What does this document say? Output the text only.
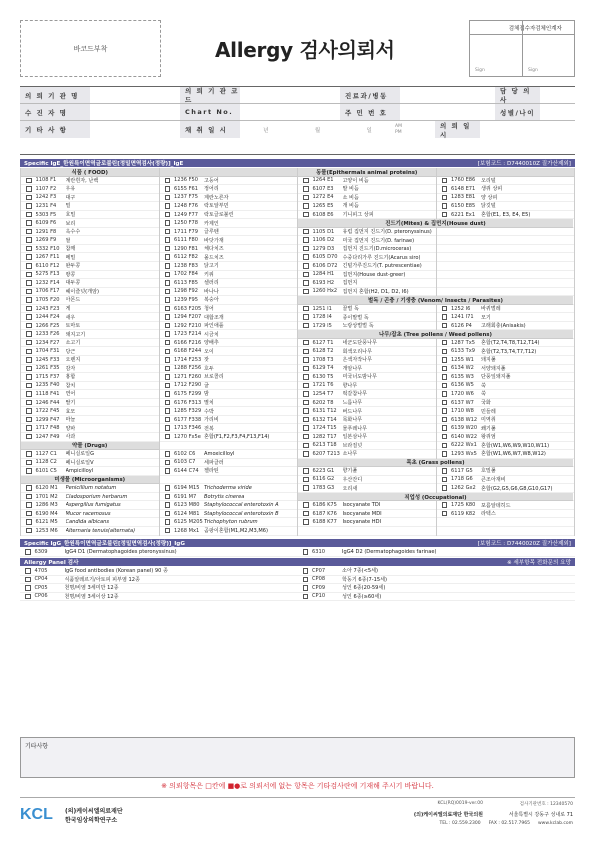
바코드부착	Allergy 검사의뢰서
검체접수자
Sign
검체인계자
Sign
의 뢰 기 관 명
의 뢰 기 관 코 드
진료과/병동
담 당 의 사
수 진 자 명	Chart No.	주 민 번 호	성별/나이
기 타 사 항	채 취 일 시	년	월	일
AM
PM
의 뢰 일 시
Specific IgE_한원특이면역글로불린[정밀면역검사(정량)]_IgE	[보험코드 : D7440010Z 질가산제외]
식품 ( FOOD)
1108 F1	계란흰자, 난백
1107 F2	우유
1242 F3	대구
1231 F4	밀
5303 F5	호밀
6109 F6	보리
1291 F8	옥수수
1269 F9	쌀
5332 F10	참깨
1267 F11	메밀
6110 F12	완두콩
5275 F13	땅콩
1232 F14	대두콩
1706 F17	헤이즐넛(개암)
1705 F20	아몬드
1243 F23	게
1244 F24	새우
1266 F25	토마토
1233 F26	돼지고기
1234 F27	소고기
1704 F31	당근
1245 F33	오렌지
1261 F35	감자
1715 F37	홍합
1235 F40	참치
1118 F41	연어
1246 F44	딸기
1722 F45	효모
1299 F47	마늘
1717 F48	양파
1247 F49	사과
약물 (Drugs)
1127 C1	페니실로일G
1128 C2	페니실로일V
6101 C5	Ampicilloyl
미생물 (Microorganisms)
6120 M1	Penicillium notatum
1701 M2	Cladosporium herbarum
1286 M3	Aspergillus fumigatus
6190 M4	Mucor racemosus
6121 M5	Candida albicans
1253 M6	Alternaria tenuis(alternata)
1236 F50	고등어
6155 F61	정어리
1237 F75	계란노른자
1248 F76	락토알부민
1249 F77	락토글로불린
1250 F78	카제인
1711 F79	글루텐
6111 F80	바닷가재
1290 F81	체다치즈
6112 F82	몰드치즈
1238 F83	닭고기
1702 F84	키위
6113 F85	셀러리
1298 F92	바나나
1239 F95	복숭아
6163 F205 청어
1294 F207 대합조개
1292 F210 파인애플
1723 F214 시금치
6166 F216 양배추
6168 F244 오이
1714 F253 잣
1288 F256 호두
1271 F260 브로콜리
1712 F290 굴
6175 F299 밤
6176 F313 멸치
1285 F329 수박
6177 F338 가리비
1713 F346 전복
1270 Fx5e 혼합(F1,F2,F3,F4,F13,F14)
6102 C6	Amoxicilloyl
6103 C7	세파클러
6144 C74	젤라틴
6194 M15 Trichoderma viride
6191 M7	Botrytis cinerea
6123 M80 Staphylococcal enterotoxin A
6124 M81 Staphylococcal enterotoxin B
6125 M205 Trichophyton rubrum
1268 Mx1 곰팡이혼합(M1,M2,M3,M6)
동물(Epithermals animal proteins)
1264 E1	고양이 비듬
6107 E3	말 비듬
1272 E4	소 비듬
1265 E5	개 비듬
6108 E6	기니피그 상피
진드기(Mites) & 집먼지(House dust)
1105 D1	유럽 집먼지 진드기(D. pteronyssinus)
1106 D2	미국 집먼지 진드기(D. farinae)
1279 D3	집먼지 진드기(D.microceras)
6105 D70 수중다리가루 진드기(Acarus siro)
6106 D72 긴털가루진드기(T. putrescentiae)
1284 H1	집먼지(House dust-greer)
6193 H2	집먼지
1260 Hx2	집먼지 혼합(H2, D1, D2, I6)
벌독 / 곤충 / 기생충 (Venom/ Insects / Parasites)
1251 I1	꿀벌 독
1728 I4	종이말벌 독
1729 I5	노랑상벌벌 독
나무/잡초 (Tree pollens / Weed pollens)
6127 T1	네군도단풍나무
6128 T2	회색오리나무
1708 T3	은색자작나무
6129 T4	개암나무
6130 T5	미국너도밤나무
1721 T6	향나무
1254 T7	떡갈참나무
6202 T8	느릅나무
6131 T12	버드나무
6132 T14	목화나무
1724 T15	물푸레나무
1282 T17	일본삼나무
6213 T18	브라질넛
6207 T213 소나무
목초 (Grass pollens)
6223 G1	향기풀
6116 G2	우산잔디
1783 G3	오리새
직업성 (Occupational)
6186 K75	Isocyanate TDI
6187 K76	Isocyanate MDI
6188 K77	Isocyanate HDI
1760 E86	오리털
6148 E71	생쥐 상피
1283 E81	양 상피
6150 E85	닭깃털
6221 Ex1	혼합(E1, E3, E4, E5)
1252 I6	바퀴벌레
1241 I71	모기
6126 P4	고래회충(Anisakis)
1287 Tx5	혼합(T2,T4,T8,T12,T14)
6133 Tx9	혼합(T2,T3,T4,T7,T12)
1255 W1	돼지풀
6134 W2	서양돼지풀
6135 W3	단풍잎돼지풀
6136 W5	쑥
1720 W6	쑥
6137 W7	국화
1710 W8	민들레
6138 W12 미역취
6139 W20 쐐기풀
6140 W22 왕쥐엄
6222 Wx1 혼합(W1,W6,W9,W10,W11)
1293 Wx5 혼합(W1,W6,W7,W8,W12)
6117 G5	호밀풀
1718 G6	큰조아재비
1262 Gx2	혼합(G2,G5,G6,G8,G10,G17)
1725 K80	포름알데히드
6119 K82	라텍스
Specific IgG_한원특이면역글로불린[정밀면역검사(정량)]_IgG	[보험코드 : D7440020Z 질가산제외]
6309	IgG4 D1 (Dermatophagoides pteronyssinus)	6310	IgG4 D2 (Dermatophagoides farinae)
Allergy Panel 검사	※ 세부항목 전화문의 요망
4705	IgG food antibodies (Korean panel) 90 종
CP04	식품알레르기/아토피 피부염 12종
CP05	천명/비염 3세미만 12종
CP06	천명/비염 3세이상 12종
CP07	소아 7종(<5세)
CP08	학동기 6종(7-15세)
CP09	성인 6종(20-59세)
CP10	성인 6종(≥60세)
기타사항
※ 의뢰항목은 □칸에 ■●로 의뢰서에 없는 항목은 기타검사란에 기재해 주시기 바랍니다.
KCL (의)케이씨엘의료재단
한국임상의학연구소
KCL(RQ)0019-ver.00	검사기관번호 : 12340570
(의)케이씨엘의료재단 한국의원	서울특별시 강동구 성내로 71
TEL : 02.559.2300 FAX : 02.517.7965 www.kclab.com
